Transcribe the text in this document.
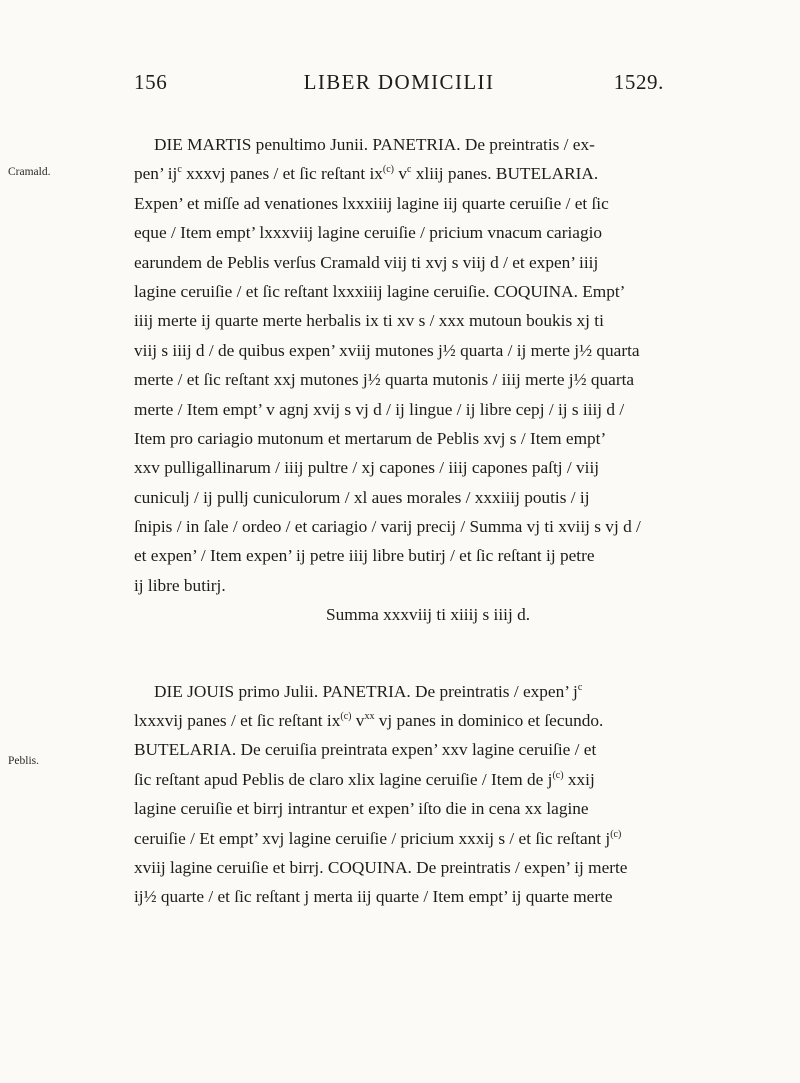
156	LIBER DOMICILII	1529.
Cramald.
Peblis.
DIE MARTIS penultimo Junii. PANETRIA. De preintratis / ex-
pen’ $ij^c$ xxxvj panes / et ſic reſtant $ix^{(c)}$ $v^c$ xliij panes. BUTELARIA.
Expen’ et miſſe ad venationes lxxxiiij lagine iij quarte ceruiſie / et ſic
eque / Item empt’ lxxxviij lagine ceruiſie / pricium vnacum cariagio
earundem de Peblis verſus Cramald viij ti xvj s viij d / et expen’ iiij
lagine ceruiſie / et ſic reſtant lxxxiiij lagine ceruiſie. COQUINA. Empt’
iiij merte ij quarte merte herbalis ix ti xv s / xxx mutoun boukis xj ti
viij s iiij d / de quibus expen’ xviij mutones j½ quarta / ij merte j½ quarta
merte / et ſic reſtant xxj mutones j½ quarta mutonis / iiij merte j½ quarta
merte / Item empt’ v agnj xvij s vj d / ij lingue / ij libre cepj / ij s iiij d /
Item pro cariagio mutonum et mertarum de Peblis xvj s / Item empt’
xxv pulligallinarum / iiij pultre / xj capones / iiij capones paſtj / viij
cuniculj / ij pullj cuniculorum / xl aues morales / xxxiiij poutis / ij
ſnipis / in ſale / ordeo / et cariagio / varij precij / Summa vj ti xviij s vj d /
et expen’ / Item expen’ ij petre iiij libre butirj / et ſic reſtant ij petre
ij libre butirj.
Summa xxxviij ti xiiij s iiij d.
DIE JOUIS primo Julii. PANETRIA. De preintratis / expen’ $j^c$
lxxxvij panes / et ſic reſtant $ix^{(c)}$ $v^{xx}$ vj panes in dominico et ſecundo.
BUTELARIA. De ceruiſia preintrata expen’ xxv lagine ceruiſie / et
ſic reſtant apud Peblis de claro xlix lagine ceruiſie / Item de $j^{(c)}$ xxij
lagine ceruiſie et birrj intrantur et expen’ iſto die in cena xx lagine
ceruiſie / Et empt’ xvj lagine ceruiſie / pricium xxxij s / et ſic reſtant $j^{(c)}$
xviij lagine ceruiſie et birrj. COQUINA. De preintratis / expen’ ij merte
ij½ quarte / et ſic reſtant j merta iij quarte / Item empt’ ij quarte merte
